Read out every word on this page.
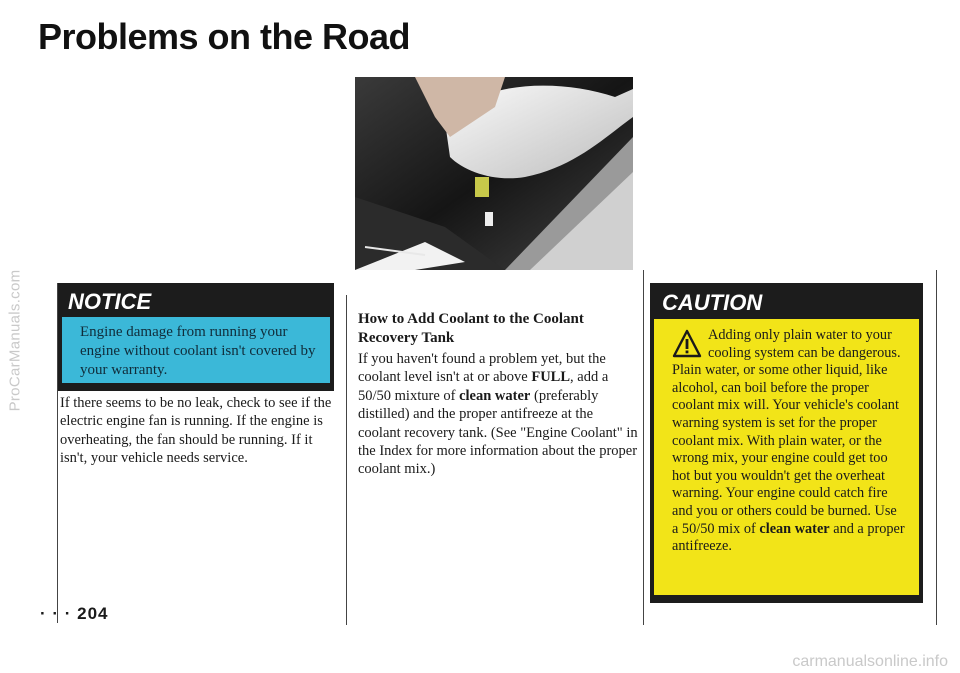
ProCarManuals.com
Problems on the Road
NOTICE
Engine damage from running your engine without coolant isn't covered by your warranty.

If there seems to be no leak, check to see if the electric engine fan is running. If the engine is overheating, the fan should be running. If it isn't, your vehicle needs service.

How to Add Coolant to the Coolant Recovery Tank

If you haven't found a problem yet, but the coolant level isn't at or above FULL, add a 50/50 mixture of clean water (preferably distilled) and the proper antifreeze at the coolant recovery tank. (See "Engine Coolant" in the Index for more information about the proper coolant mix.)

CAUTION
Adding only plain water to your cooling system can be dangerous. Plain water, or some other liquid, like alcohol, can boil before the proper coolant mix will. Your vehicle's coolant warning system is set for the proper coolant mix. With plain water, or the wrong mix, your engine could get too hot but you wouldn't get the overheat warning. Your engine could catch fire and you or others could be burned. Use a 50/50 mix of clean water and a proper antifreeze.
· · · 204
carmanualsonline.info
